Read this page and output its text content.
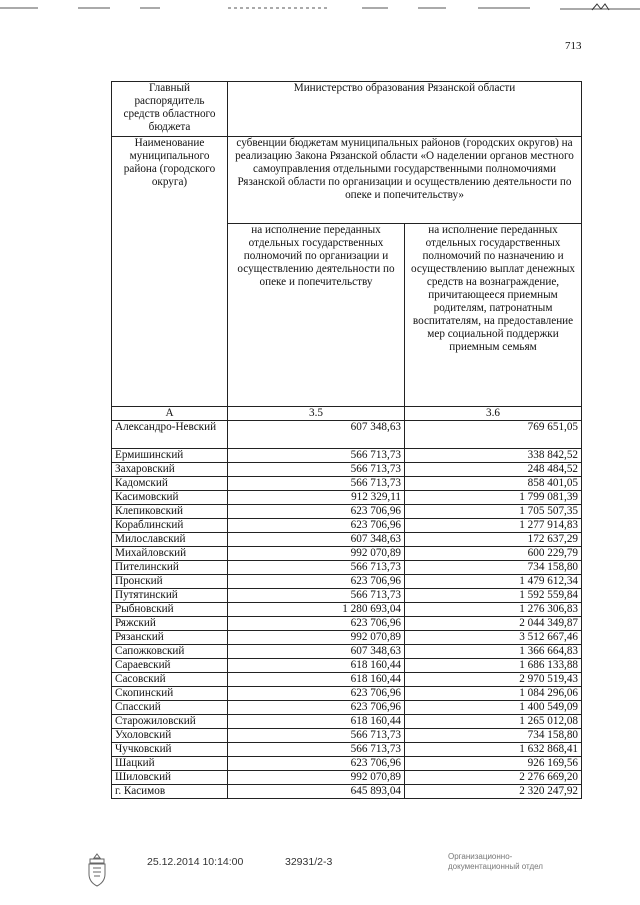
713
Главный распорядитель средств областного бюджета	Министерство образования Рязанской области	
Наименование муниципального района (городского округа)	субвенции бюджетам муниципальных районов (городских округов) на реализацию Закона Рязанской области «О наделении органов местного самоуправления отдельными государственными полномочиями Рязанской области по организации и осуществлению деятельности по опеке и попечительству»	
	на исполнение переданных отдельных государственных полномочий по организации и осуществлению деятельности по опеке и попечительству	на исполнение переданных отдельных государственных полномочий по назначению и осуществлению выплат денежных средств на вознаграждение, причитающееся приемным родителям, патронатным воспитателям, на предоставление мер социальной поддержки приемным семьям
А	3.5	3.6
Александро-Невский	607 348,63	769 651,05
Ермишинский	566 713,73	338 842,52
Захаровский	566 713,73	248 484,52
Кадомский	566 713,73	858 401,05
Касимовский	912 329,11	1 799 081,39
Клепиковский	623 706,96	1 705 507,35
Кораблинский	623 706,96	1 277 914,83
Милославский	607 348,63	172 637,29
Михайловский	992 070,89	600 229,79
Пителинский	566 713,73	734 158,80
Пронский	623 706,96	1 479 612,34
Путятинский	566 713,73	1 592 559,84
Рыбновский	1 280 693,04	1 276 306,83
Ряжский	623 706,96	2 044 349,87
Рязанский	992 070,89	3 512 667,46
Сапожковский	607 348,63	1 366 664,83
Сараевский	618 160,44	1 686 133,88
Сасовский	618 160,44	2 970 519,43
Скопинский	623 706,96	1 084 296,06
Спасский	623 706,96	1 400 549,09
Старожиловский	618 160,44	1 265 012,08
Ухоловский	566 713,73	734 158,80
Чучковский	566 713,73	1 632 868,41
Шацкий	623 706,96	926 169,56
Шиловский	992 070,89	2 276 669,20
г. Касимов	645 893,04	2 320 247,92
25.12.2014 10:14:00	32931/2-3	Организационно-
документационный отдел
